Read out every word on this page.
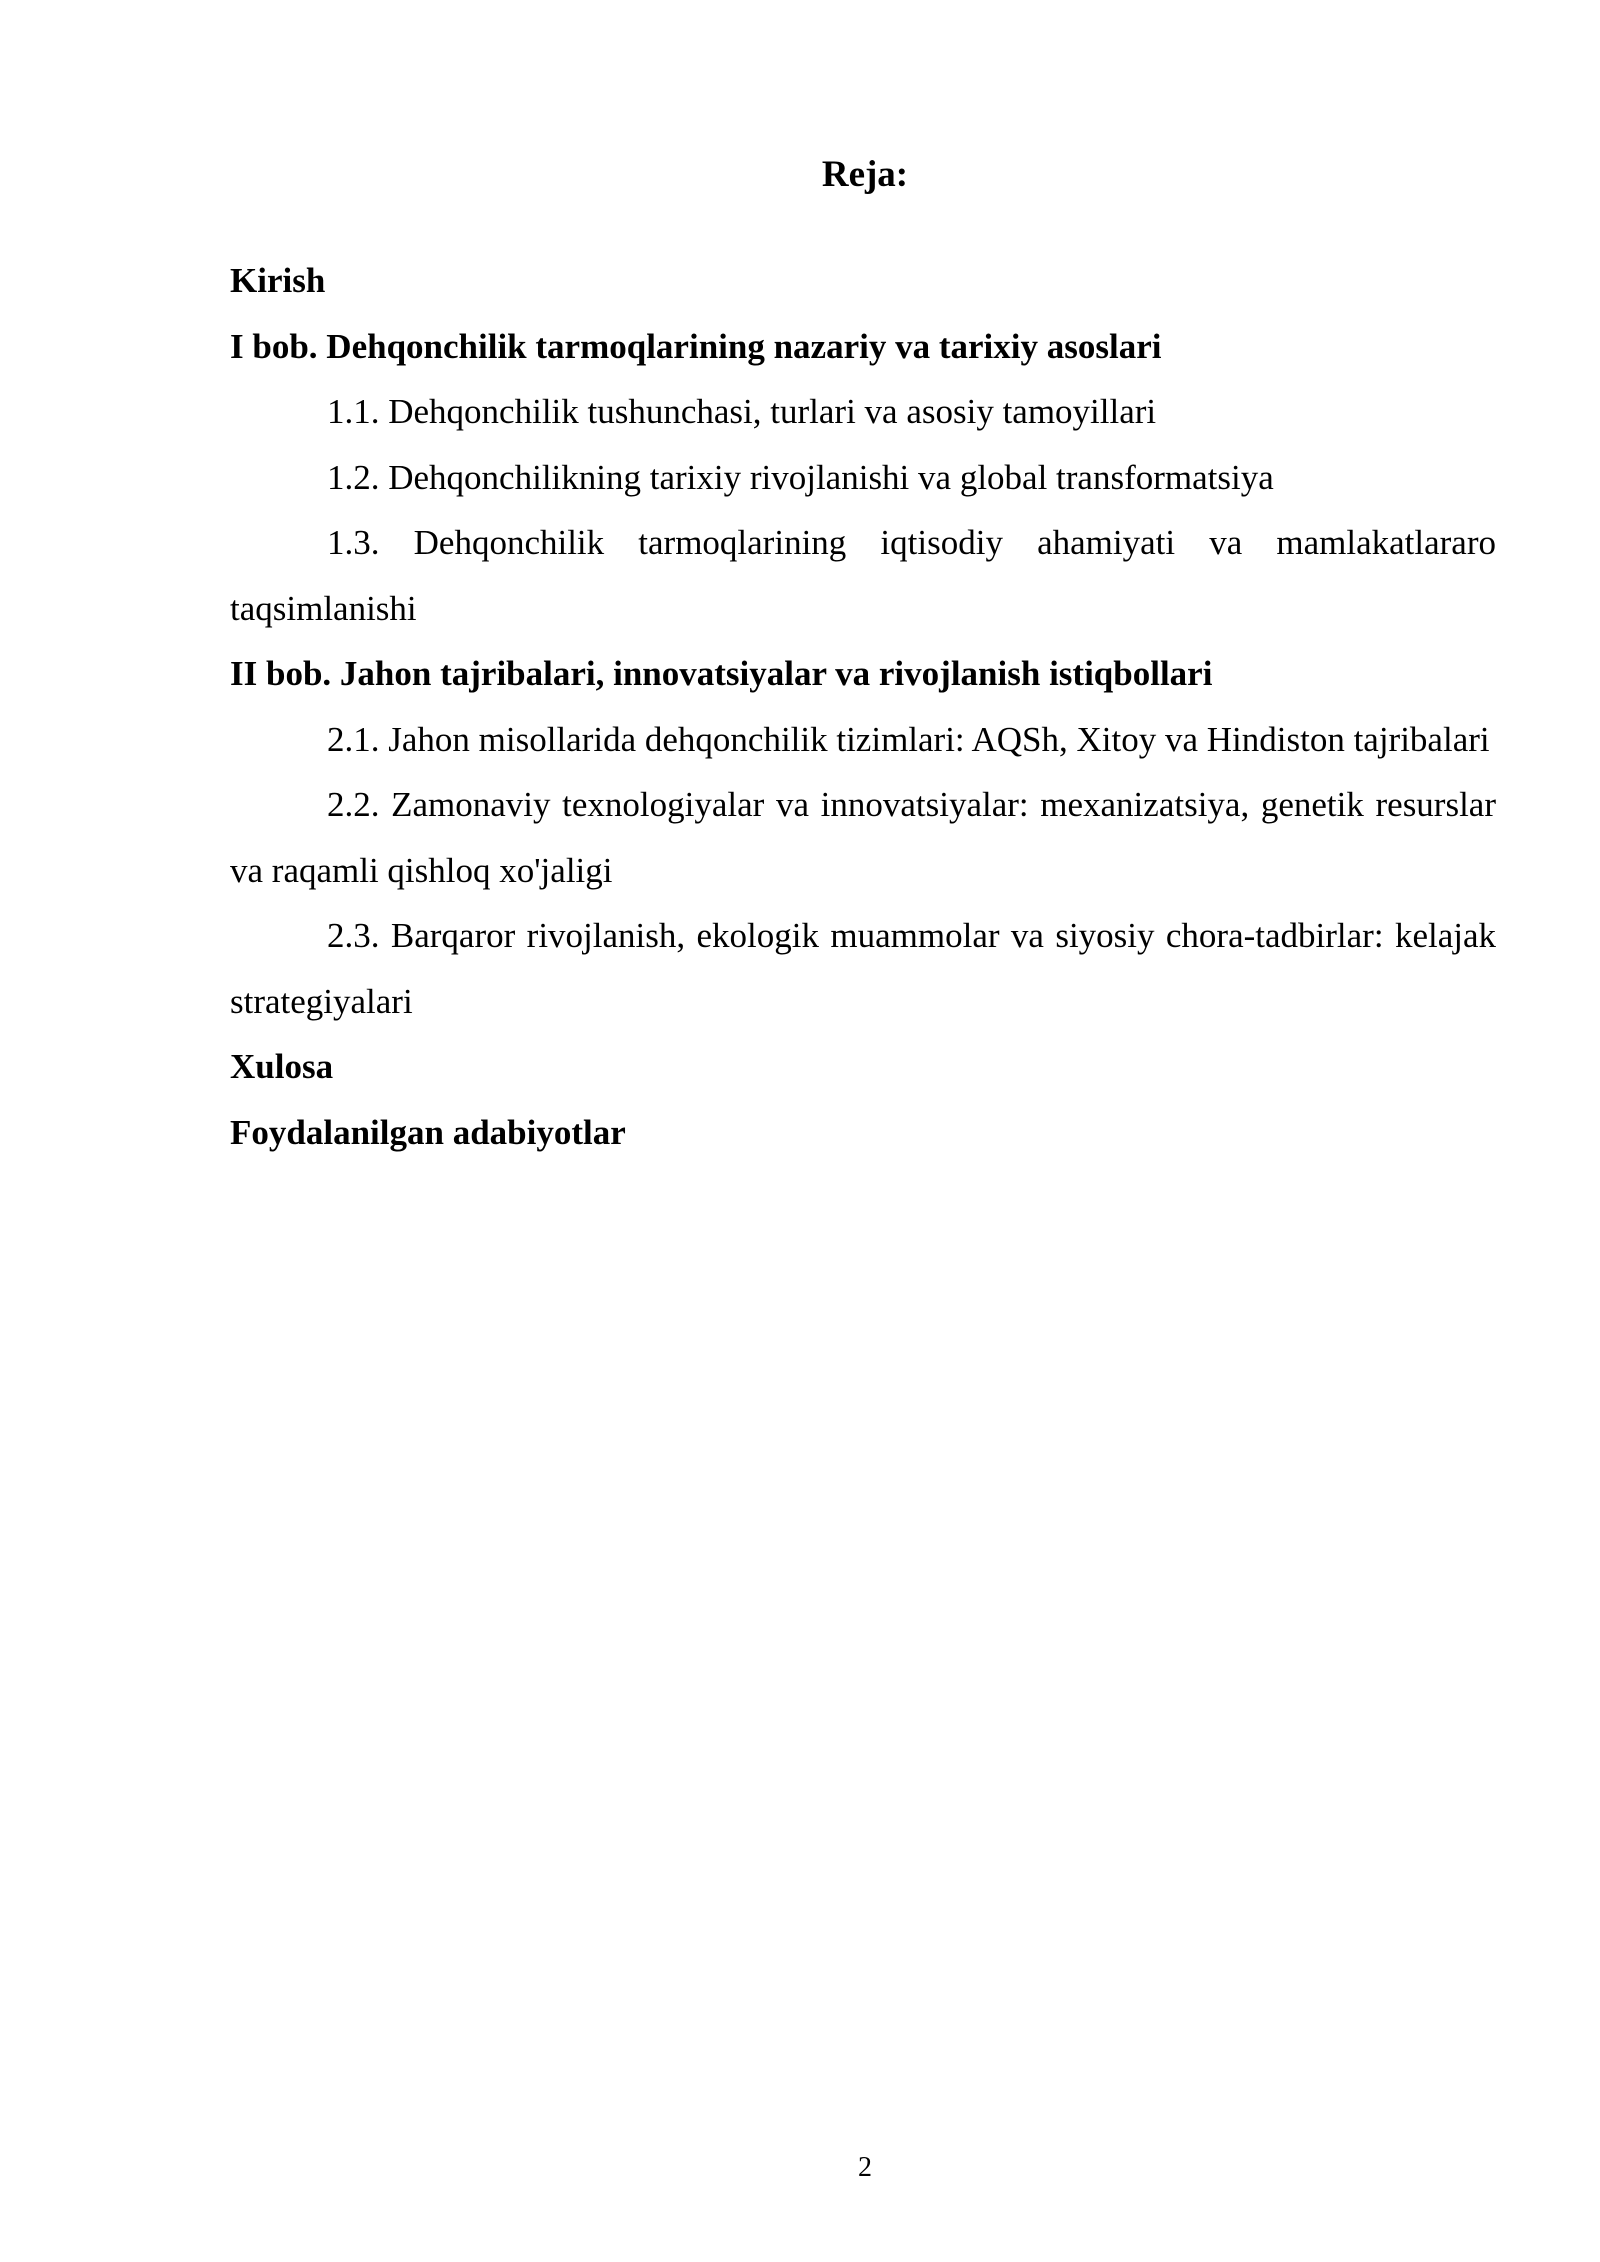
Reja:

Kirish

I bob. Dehqonchilik tarmoqlarining nazariy va tarixiy asoslari

1.1. Dehqonchilik tushunchasi, turlari va asosiy tamoyillari

1.2. Dehqonchilikning tarixiy rivojlanishi va global transformatsiya

1.3. Dehqonchilik tarmoqlarining iqtisodiy ahamiyati va mamlakatlararo taqsimlanishi

II bob. Jahon tajribalari, innovatsiyalar va rivojlanish istiqbollari

2.1. Jahon misollarida dehqonchilik tizimlari: AQSh, Xitoy va Hindiston tajribalari

2.2. Zamonaviy texnologiyalar va innovatsiyalar: mexanizatsiya, genetik resurslar va raqamli qishloq xo'jaligi

2.3. Barqaror rivojlanish, ekologik muammolar va siyosiy chora-tadbirlar: kelajak strategiyalari

Xulosa

Foydalanilgan adabiyotlar

2
